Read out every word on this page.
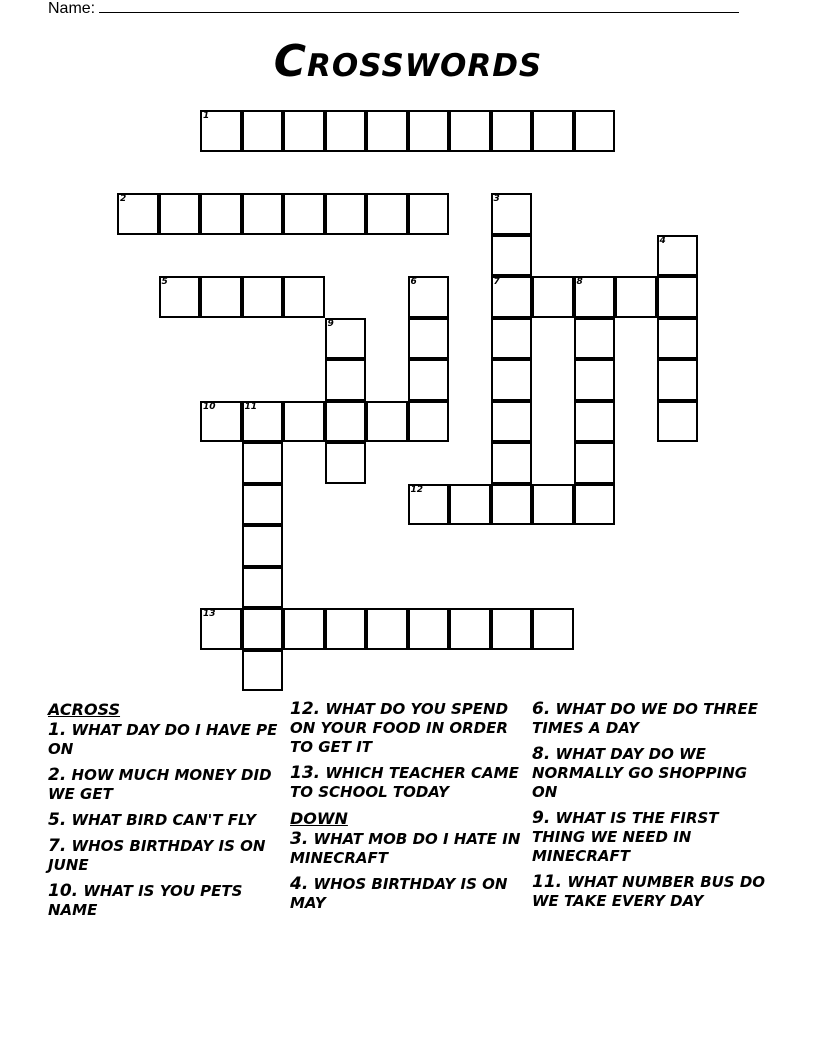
Name:
Crosswords
1
2	3
7
4
5	6	8
9
10	11
12
13

ACROSS

1. WHAT DAY DO I HAVE PE ON

2. HOW MUCH MONEY DID WE GET

5. WHAT BIRD CAN'T FLY

7. WHOS BIRTHDAY IS ON JUNE

10. WHAT IS YOU PETS NAME

12. WHAT DO YOU SPEND ON YOUR FOOD IN ORDER TO GET IT

13. WHICH TEACHER CAME TO SCHOOL TODAY

DOWN

3. WHAT MOB DO I HATE IN MINECRAFT

4. WHOS BIRTHDAY IS ON MAY

6. WHAT DO WE DO THREE TIMES A DAY

8. WHAT DAY DO WE NORMALLY GO SHOPPING ON

9. WHAT IS THE FIRST THING WE NEED IN MINECRAFT

11. WHAT NUMBER BUS DO WE TAKE EVERY DAY
